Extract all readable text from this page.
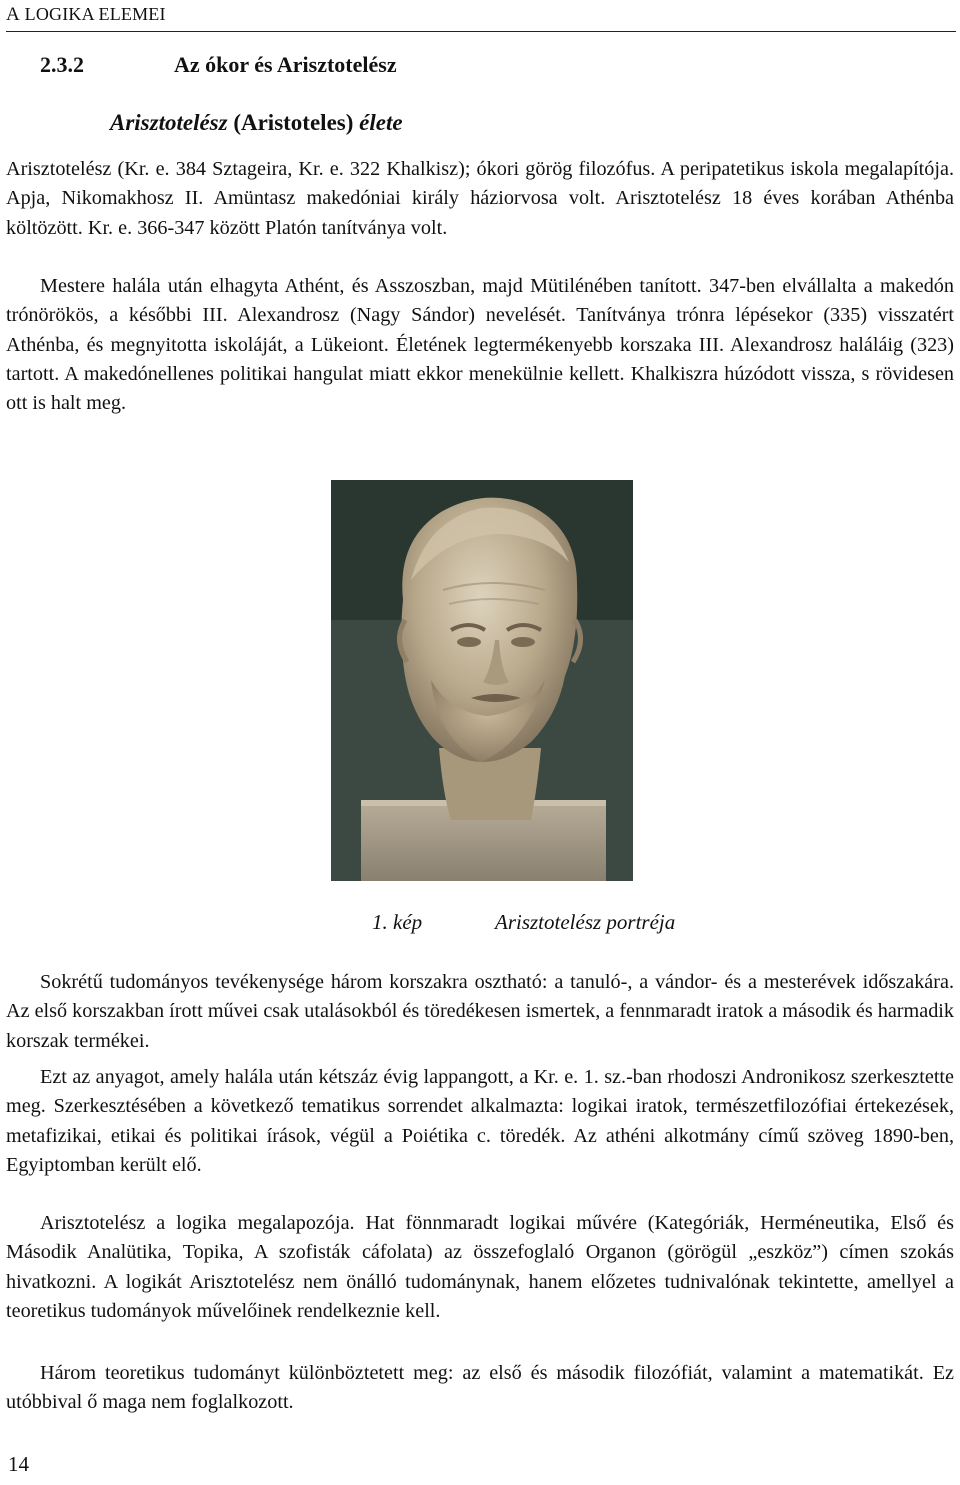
A LOGIKA ELEMEI
2.3.2	Az ókor és Arisztotelész
Arisztotelész (Aristoteles) élete

Arisztotelész (Kr. e. 384 Sztageira, Kr. e. 322 Khalkisz); ókori görög filozófus. A peripatetikus iskola megalapítója. Apja, Nikomakhosz II. Amüntasz makedóniai király háziorvosa volt. Arisztotelész 18 éves korában Athénba költözött. Kr. e. 366-347 között Platón tanítványa volt.

Mestere halála után elhagyta Athént, és Asszoszban, majd Mütilénében tanított. 347-ben elvállalta a makedón trónörökös, a későbbi III. Alexandrosz (Nagy Sándor) nevelését. Tanítványa trónra lépésekor (335) visszatért Athénba, és megnyitotta iskoláját, a Lükeiont. Életének legtermékenyebb korszaka III. Alexandrosz haláláig (323) tartott. A makedónellenes politikai hangulat miatt ekkor menekülnie kellett. Khalkiszra húzódott vissza, s rövidesen ott is halt meg.

1. kép	Arisztotelész portréja

Sokrétű tudományos tevékenysége három korszakra osztható: a tanuló-, a vándor- és a mesterévek időszakára. Az első korszakban írott művei csak utalásokból és töredékesen ismertek, a fennmaradt iratok a második és harmadik korszak termékei.

Ezt az anyagot, amely halála után kétszáz évig lappangott, a Kr. e. 1. sz.-ban rhodoszi Andronikosz szerkesztette meg. Szerkesztésében a következő tematikus sorrendet alkalmazta: logikai iratok, természetfilozófiai értekezések, metafizikai, etikai és politikai írások, végül a Poiétika c. töredék. Az athéni alkotmány című szöveg 1890-ben, Egyiptomban került elő.

Arisztotelész a logika megalapozója. Hat fönnmaradt logikai művére (Kategóriák, Herméneutika, Első és Második Analütika, Topika, A szofisták cáfolata) az összefoglaló Organon (görögül „eszköz”) címen szokás hivatkozni. A logikát Arisztotelész nem önálló tudománynak, hanem előzetes tudnivalónak tekintette, amellyel a teoretikus tudományok művelőinek rendelkeznie kell.

Három teoretikus tudományt különböztetett meg: az első és második filozófiát, valamint a matematikát. Ez utóbbival ő maga nem foglalkozott.

14
